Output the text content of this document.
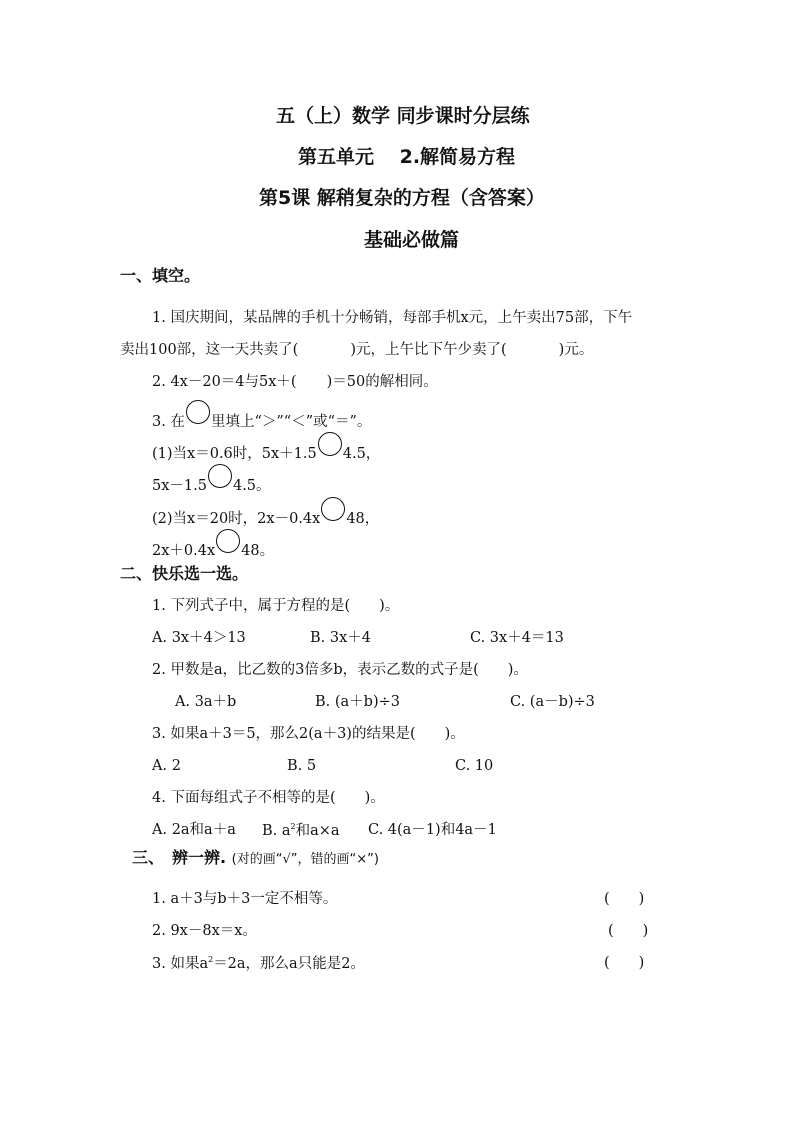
五（上）数学 同步课时分层练
第五单元　 2.解简易方程
第5课 解稍复杂的方程（含答案）
基础必做篇
一、填空。
1. 国庆期间，某品牌的手机十分畅销，每部手机x元，上午卖出75部，下午
卖出100部，这一天共卖了(	)元，上午比下午少卖了(	)元。
2. 4x－20＝4与5x＋( )＝50的解相同。
3. 在 里填上“＞”“＜”或“＝”。
(1)当x＝0.6时，5x＋1.5 4.5，
5x－1.5 4.5。
(2)当x＝20时，2x－0.4x 48，
2x＋0.4x 48。
二、快乐选一选。
1. 下列式子中，属于方程的是(　　)。
A. 3x＋4＞13	B. 3x＋4	C. 3x＋4＝13
2. 甲数是a，比乙数的3倍多b，表示乙数的式子是(　　)。
A. 3a＋b	B. (a＋b)÷3	C. (a－b)÷3
3. 如果a＋3＝5，那么2(a＋3)的结果是(　　)。
A. 2	B. 5	C. 10
4. 下面每组式子不相等的是(　　)。
A. 2a和a＋a B. $a^2$和a×a C. 4(a－1)和4a－1
三、　辨一辨. (对的画“√”，错的画“×”)
1. a＋3与b＋3一定不相等。	(　　)
2. 9x－8x＝x。	(　　)
3. 如果$a^2=2a$，那么a只能是2。	(　　)
